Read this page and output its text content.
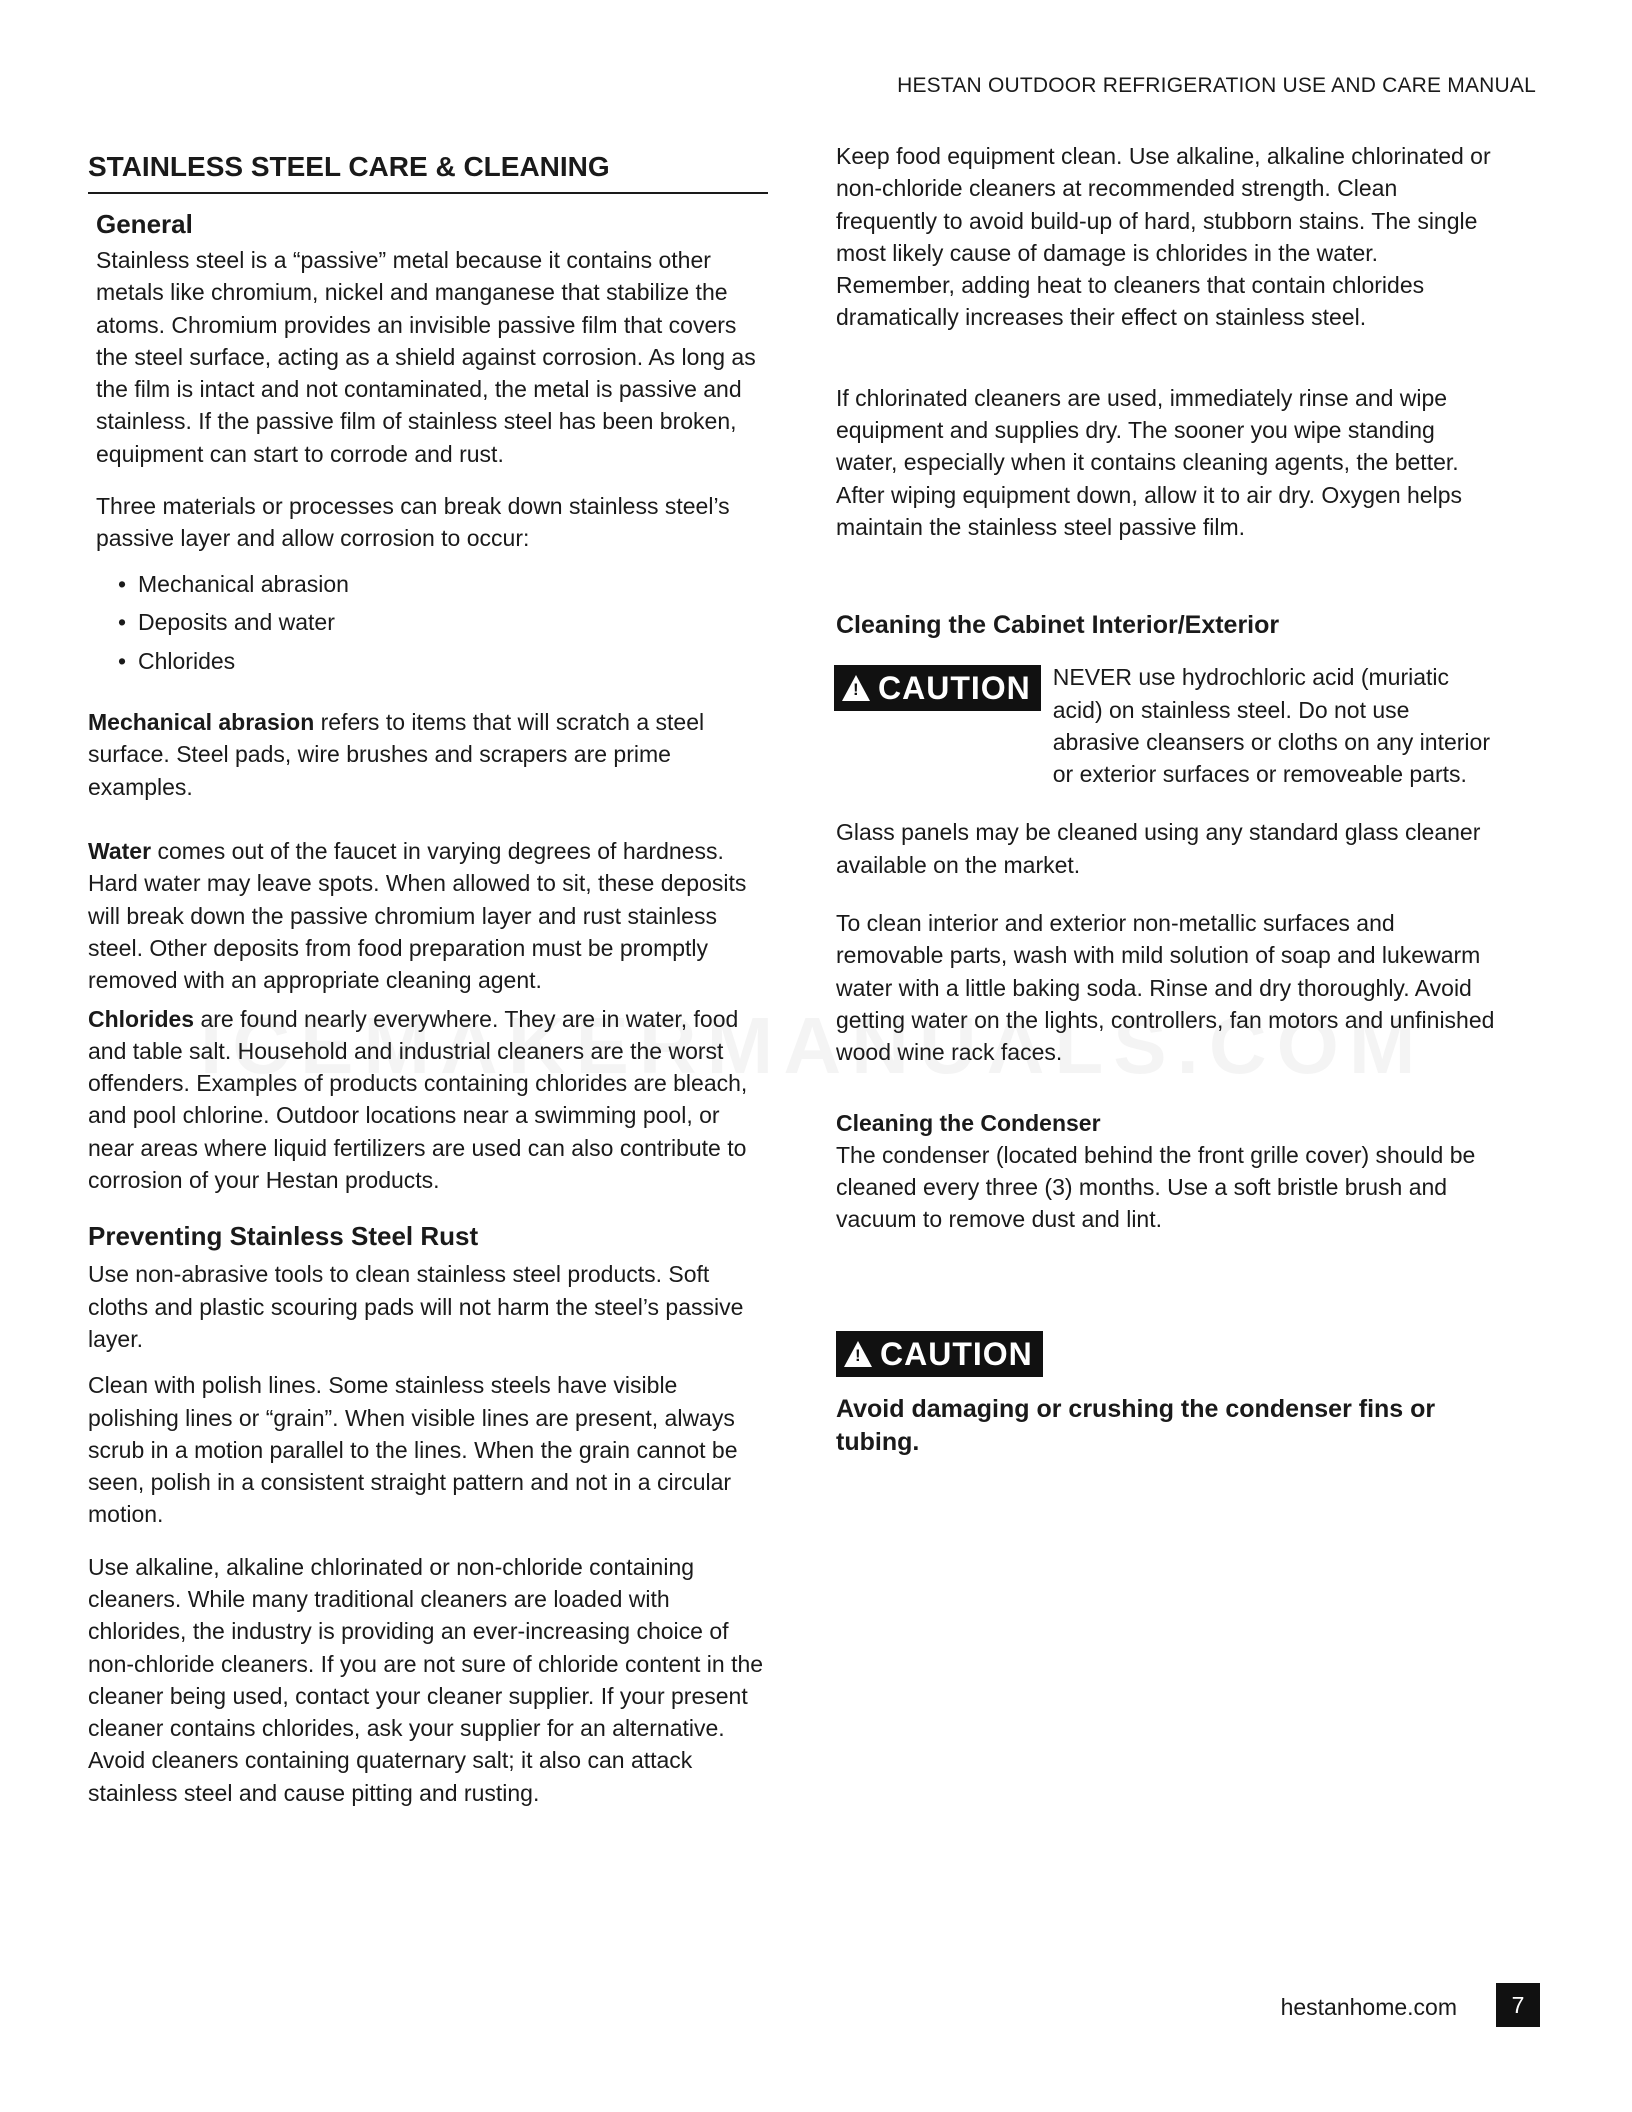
HESTAN OUTDOOR REFRIGERATION USE AND CARE MANUAL
STAINLESS STEEL CARE & CLEANING
General

Stainless steel is a “passive” metal because it contains other metals like chromium, nickel and manganese that stabilize the atoms. Chromium provides an invisible passive film that covers the steel surface, acting as a shield against corrosion. As long as the film is intact and not contaminated, the metal is passive and stainless. If the passive film of stainless steel has been broken, equipment can start to corrode and rust.

Three materials or processes can break down stainless steel’s passive layer and allow corrosion to occur:

• Mechanical abrasion
• Deposits and water
• Chlorides

Mechanical abrasion refers to items that will scratch a steel surface. Steel pads, wire brushes and scrapers are prime examples.

Water comes out of the faucet in varying degrees of hardness. Hard water may leave spots. When allowed to sit, these deposits will break down the passive chromium layer and rust stainless steel. Other deposits from food preparation must be promptly removed with an appropriate cleaning agent.

Chlorides are found nearly everywhere. They are in water, food and table salt. Household and industrial cleaners are the worst offenders. Examples of products containing chlorides are bleach, and pool chlorine. Outdoor locations near a swimming pool, or near areas where liquid fertilizers are used can also contribute to corrosion of your Hestan products.

Preventing Stainless Steel Rust

Use non-abrasive tools to clean stainless steel products. Soft cloths and plastic scouring pads will not harm the steel’s passive layer.

Clean with polish lines. Some stainless steels have visible polishing lines or “grain”. When visible lines are present, always scrub in a motion parallel to the lines. When the grain cannot be seen, polish in a consistent straight pattern and not in a circular motion.

Use alkaline, alkaline chlorinated or non-chloride containing cleaners. While many traditional cleaners are loaded with chlorides, the industry is providing an ever-increasing choice of non-chloride cleaners. If you are not sure of chloride content in the cleaner being used, contact your cleaner supplier. If your present cleaner contains chlorides, ask your supplier for an alternative. Avoid cleaners containing quaternary salt; it also can attack stainless steel and cause pitting and rusting.

Keep food equipment clean. Use alkaline, alkaline chlorinated or non-chloride cleaners at recommended strength. Clean frequently to avoid build-up of hard, stubborn stains. The single most likely cause of damage is chlorides in the water. Remember, adding heat to cleaners that contain chlorides dramatically increases their effect on stainless steel.

If chlorinated cleaners are used, immediately rinse and wipe equipment and supplies dry. The sooner you wipe standing water, especially when it contains cleaning agents, the better. After wiping equipment down, allow it to air dry. Oxygen helps maintain the stainless steel passive film.

Cleaning the Cabinet Interior/Exterior
! CAUTION NEVER use hydrochloric acid (muriatic acid) on stainless steel. Do not use abrasive cleansers or cloths on any interior or exterior surfaces or removeable parts.

Glass panels may be cleaned using any standard glass cleaner available on the market.

To clean interior and exterior non-metallic surfaces and removable parts, wash with mild solution of soap and lukewarm water with a little baking soda. Rinse and dry thoroughly. Avoid getting water on the lights, controllers, fan motors and unfinished wood wine rack faces.

Cleaning the Condenser

The condenser (located behind the front grille cover) should be cleaned every three (3) months. Use a soft bristle brush and vacuum to remove dust and lint.

! CAUTION

Avoid damaging or crushing the condenser fins or tubing.

hestanhome.com	7
